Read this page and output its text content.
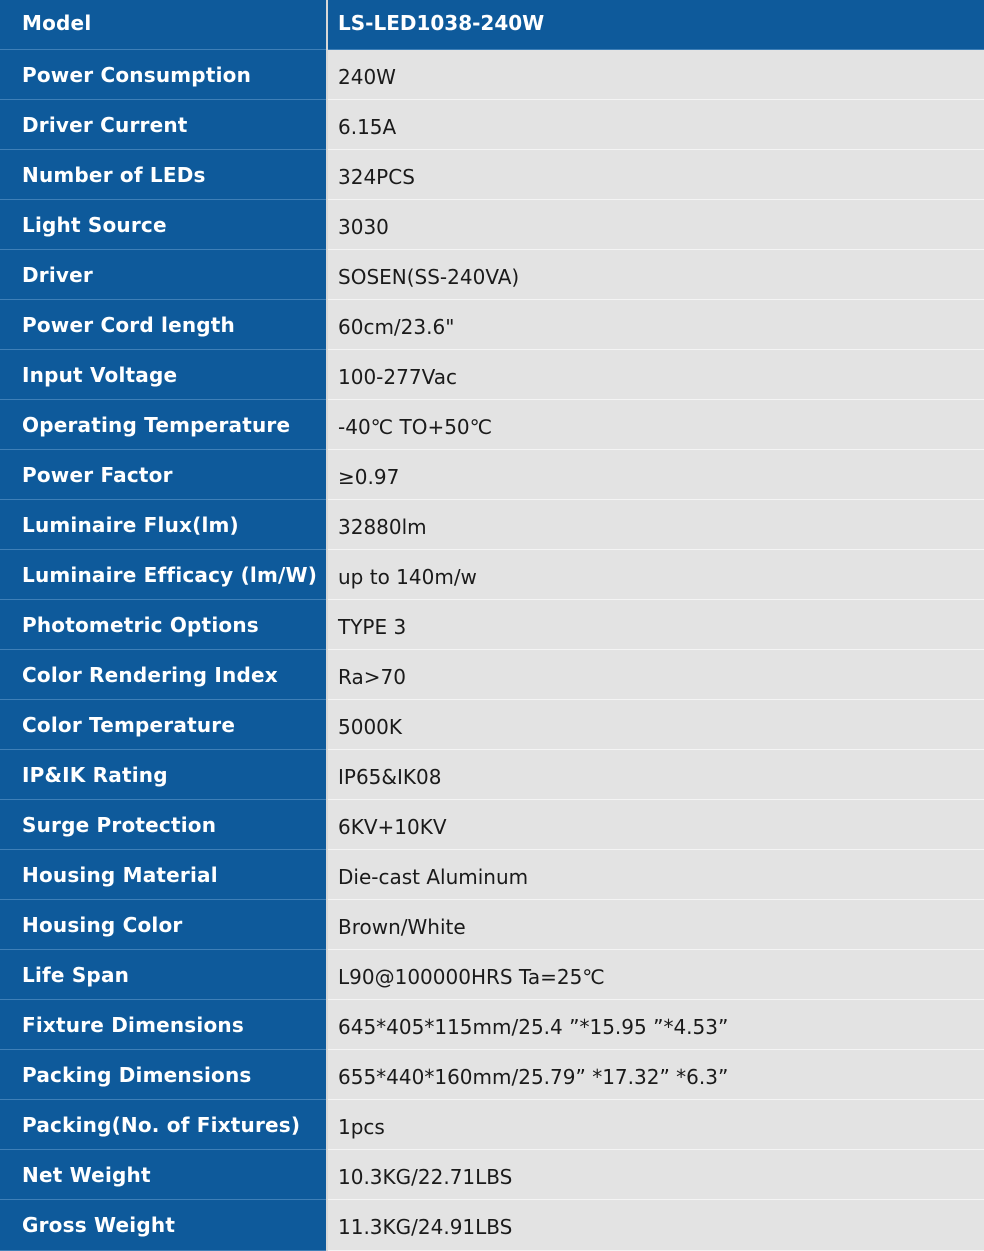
Model	LS-LED1038-240W
Power Consumption	240W
Driver Current	6.15A
Number of LEDs	324PCS
Light Source	3030
Driver	SOSEN(SS-240VA)
Power Cord length	60cm/23.6"
Input Voltage	100-277Vac
Operating Temperature	-40℃ TO+50℃
Power Factor	≥0.97
Luminaire Flux(lm)	32880lm
Luminaire Efficacy (lm/W)	up to 140m/w
Photometric Options	TYPE 3
Color Rendering Index	Ra>70
Color Temperature	5000K
IP&IK Rating	IP65&IK08
Surge Protection	6KV+10KV
Housing Material	Die-cast Aluminum
Housing Color	Brown/White
Life Span	L90@100000HRS Ta=25℃
Fixture Dimensions	645*405*115mm/25.4 ”*15.95 ”*4.53”
Packing Dimensions	655*440*160mm/25.79” *17.32” *6.3”
Packing(No. of Fixtures)	1pcs
Net Weight	10.3KG/22.71LBS
Gross Weight	11.3KG/24.91LBS
